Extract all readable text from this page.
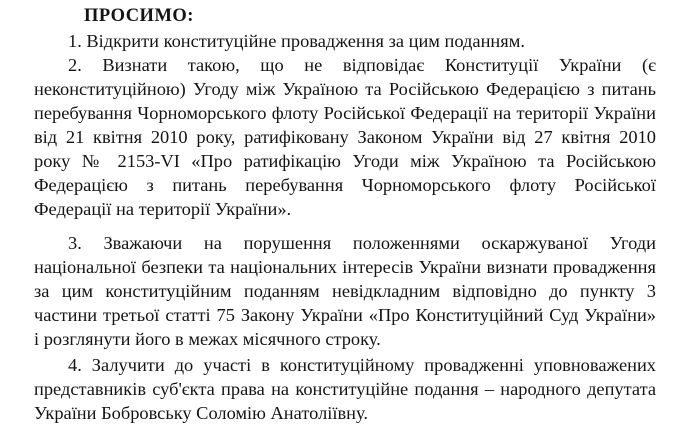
ПРОСИМО:
1. Відкрити конституційне провадження за цим поданням.
2. Визнати такою, що не відповідає Конституції України (є
неконституційною) Угоду між Україною та Російською Федерацією з питань
перебування Чорноморського флоту Російської Федерації на території України
від 21 квітня 2010 року, ратифіковану Законом України від 27 квітня 2010
року № 2153-VI «Про ратифікацію Угоди між Україною та Російською
Федерацією з питань перебування Чорноморського флоту Російської
Федерації на території України».
3. Зважаючи на порушення положеннями оскаржуваної Угоди
національної безпеки та національних інтересів України визнати провадження
за цим конституційним поданням невідкладним відповідно до пункту 3
частини третьої статті 75 Закону України «Про Конституційний Суд України»
і розглянути його в межах місячного строку.
4. Залучити до участі в конституційному провадженні уповноважених
представників суб'єкта права на конституційне подання – народного депутата
України Бобровську Соломію Анатоліївну.
